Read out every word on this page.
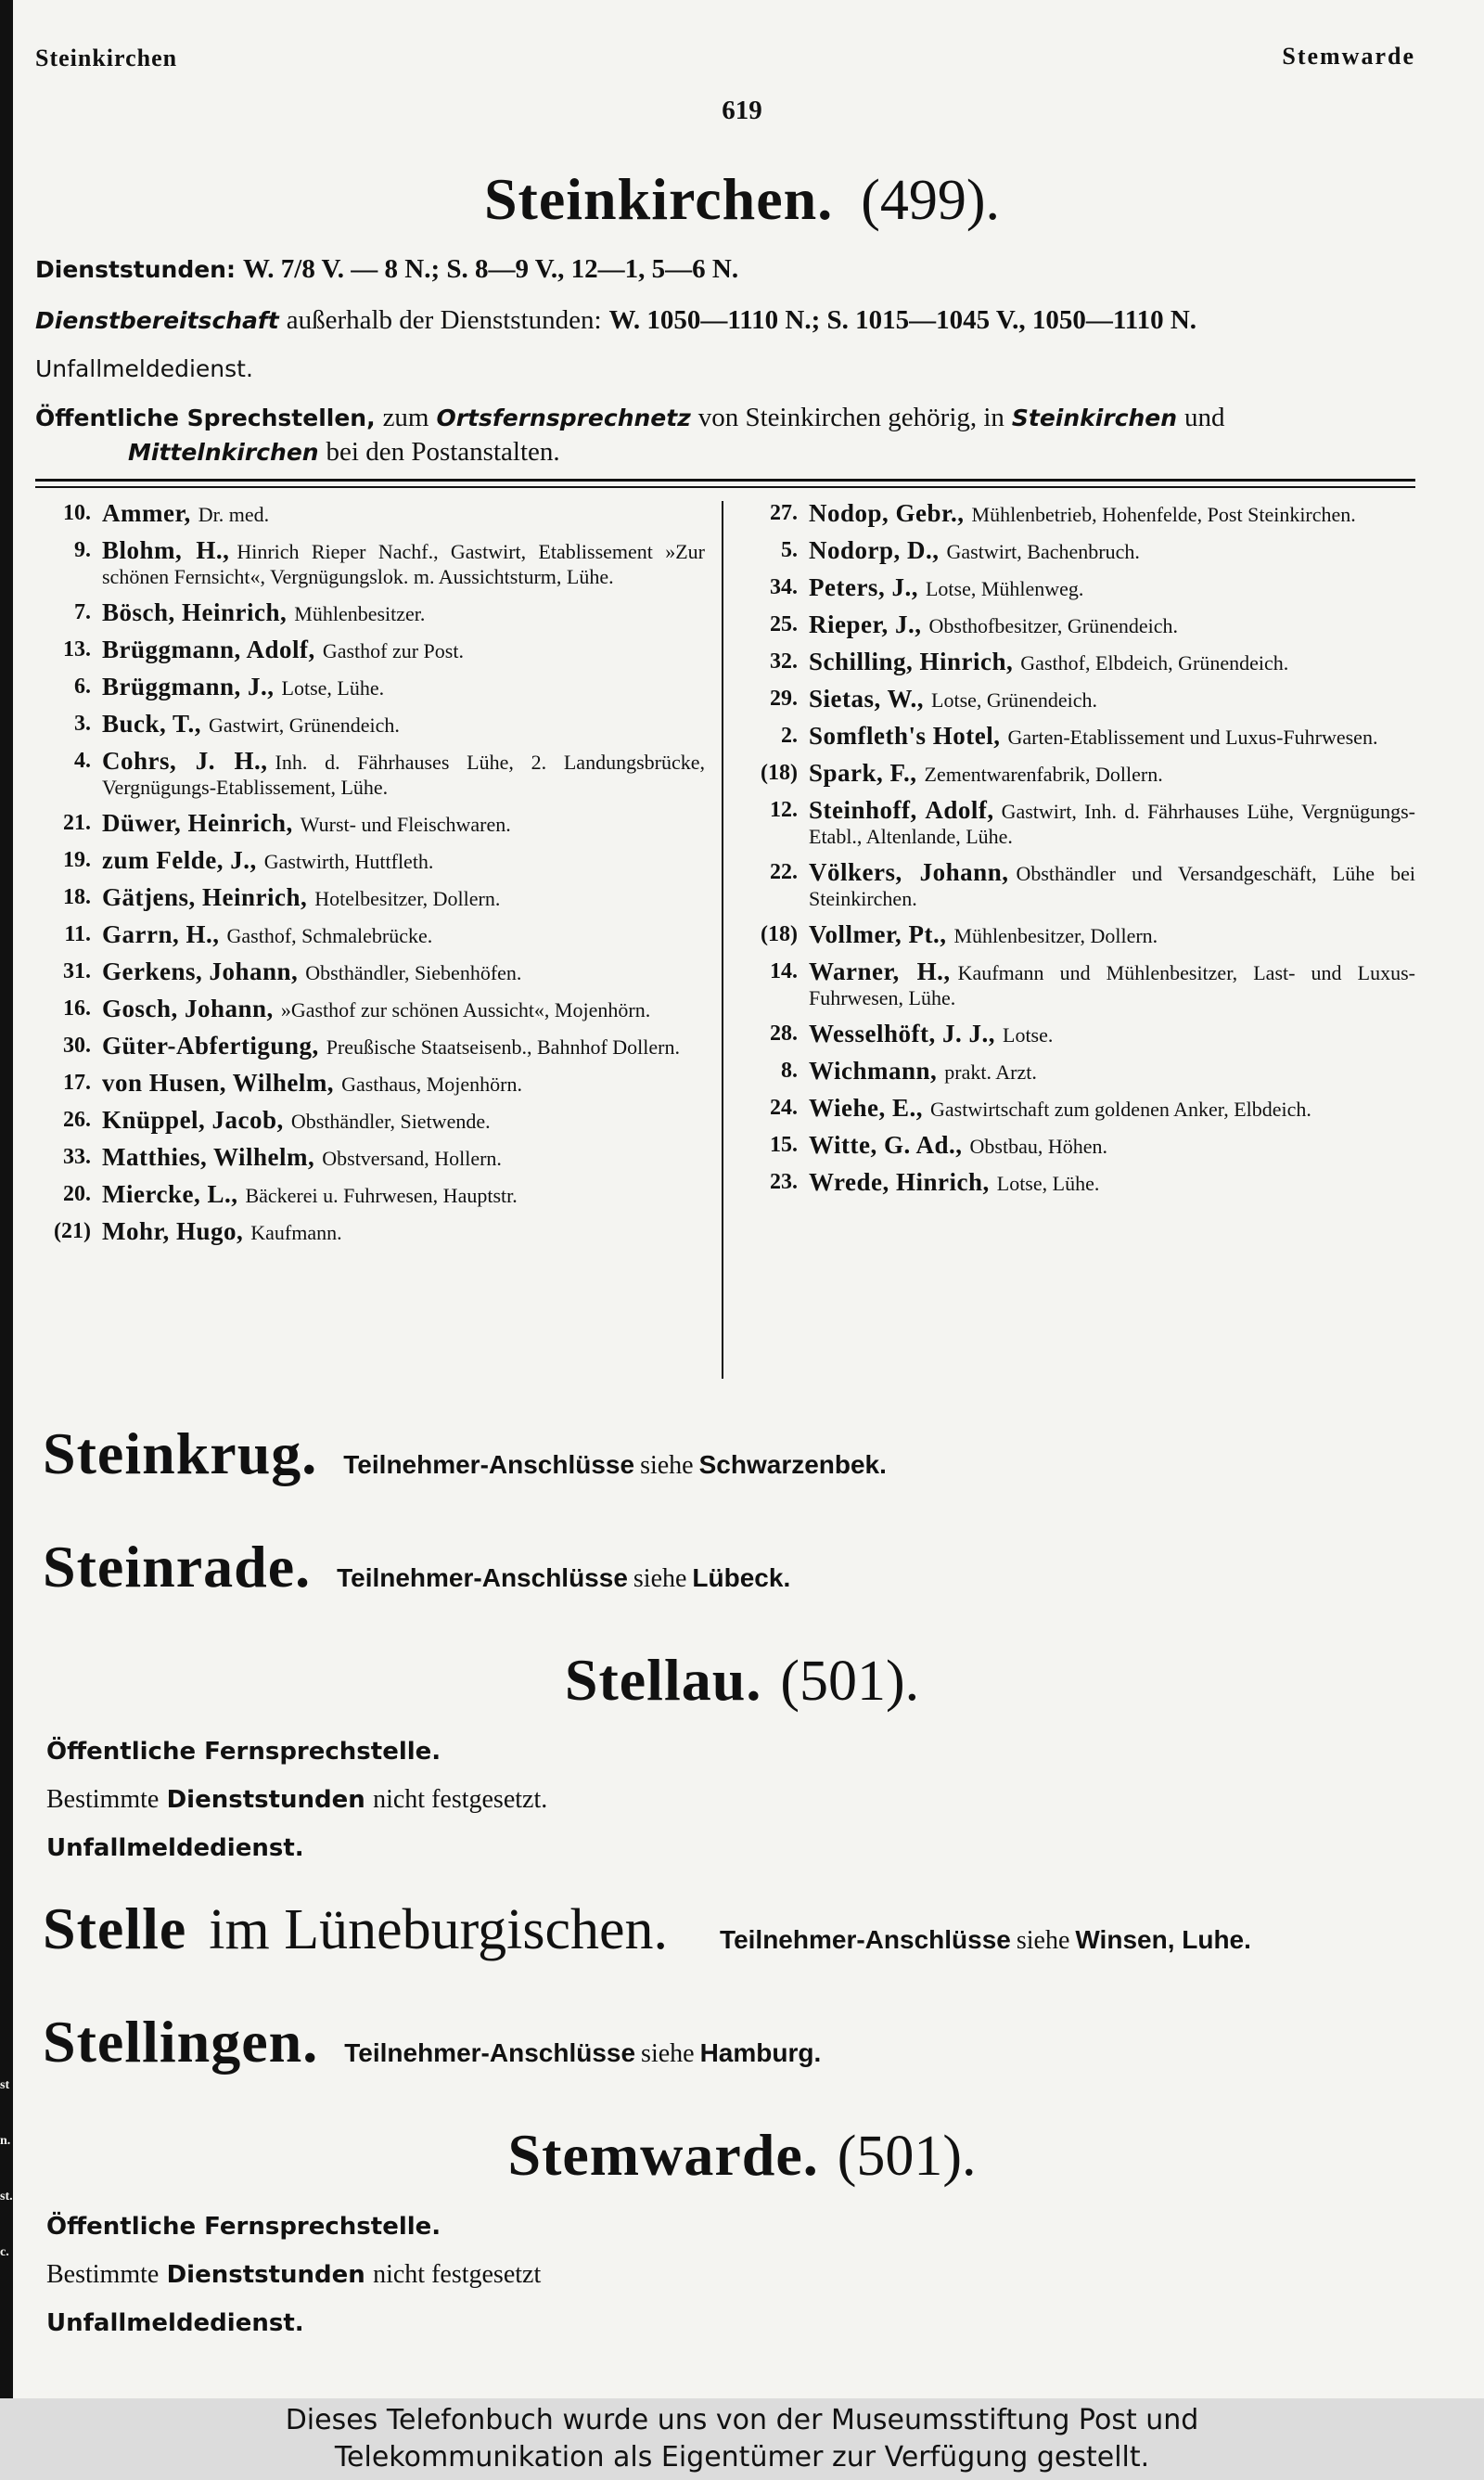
st
n.
st.
c.
Steinkirchen	Stemwarde
619
Steinkirchen. (499).
Dienststunden: W. 7/8 V. — 8 N.; S. 8—9 V., 12—1, 5—6 N.
Dienstbereitschaft außerhalb der Dienststunden: W. 1050—1110 N.; S. 1015—1045 V., 1050—1110 N.
Unfallmeldedienst.
Öffentliche Sprechstellen, zum Ortsfernsprechnetz von Steinkirchen gehörig, in Steinkirchen und
Mittelnkirchen bei den Postanstalten.
10. Ammer, Dr. med.
9. Blohm, H., Hinrich Rieper Nachf., Gastwirt, Etablissement »Zur schönen Fernsicht«, Vergnügungslok. m. Aussichtsturm, Lühe.
7. Bösch, Heinrich, Mühlenbesitzer.
13. Brüggmann, Adolf, Gasthof zur Post.
6. Brüggmann, J., Lotse, Lühe.
3. Buck, T., Gastwirt, Grünendeich.
4. Cohrs, J. H., Inh. d. Fährhauses Lühe, 2. Landungsbrücke, Vergnügungs-Etablissement, Lühe.
21. Düwer, Heinrich, Wurst- und Fleischwaren.
19. zum Felde, J., Gastwirth, Huttfleth.
18. Gätjens, Heinrich, Hotelbesitzer, Dollern.
11. Garrn, H., Gasthof, Schmalebrücke.
31. Gerkens, Johann, Obsthändler, Siebenhöfen.
16. Gosch, Johann, »Gasthof zur schönen Aussicht«, Mojenhörn.
30. Güter-Abfertigung, Preußische Staatseisenb., Bahnhof Dollern.
17. von Husen, Wilhelm, Gasthaus, Mojenhörn.
26. Knüppel, Jacob, Obsthändler, Sietwende.
33. Matthies, Wilhelm, Obstversand, Hollern.
20. Miercke, L., Bäckerei u. Fuhrwesen, Hauptstr.
(21) Mohr, Hugo, Kaufmann.
27. Nodop, Gebr., Mühlenbetrieb, Hohenfelde, Post Steinkirchen.
5. Nodorp, D., Gastwirt, Bachenbruch.
34. Peters, J., Lotse, Mühlenweg.
25. Rieper, J., Obsthofbesitzer, Grünendeich.
32. Schilling, Hinrich, Gasthof, Elbdeich, Grünendeich.
29. Sietas, W., Lotse, Grünendeich.
2. Somfleth's Hotel, Garten-Etablissement und Luxus-Fuhrwesen.
(18) Spark, F., Zementwarenfabrik, Dollern.
12. Steinhoff, Adolf, Gastwirt, Inh. d. Fährhauses Lühe, Vergnügungs-Etabl., Altenlande, Lühe.
22. Völkers, Johann, Obsthändler und Versandgeschäft, Lühe bei Steinkirchen.
(18) Vollmer, Pt., Mühlenbesitzer, Dollern.
14. Warner, H., Kaufmann und Mühlenbesitzer, Last- und Luxus-Fuhrwesen, Lühe.
28. Wesselhöft, J. J., Lotse.
8. Wichmann, prakt. Arzt.
24. Wiehe, E., Gastwirtschaft zum goldenen Anker, Elbdeich.
15. Witte, G. Ad., Obstbau, Höhen.
23. Wrede, Hinrich, Lotse, Lühe.
Steinkrug. Teilnehmer-Anschlüsse siehe Schwarzenbek.
Steinrade. Teilnehmer-Anschlüsse siehe Lübeck.
Stellau. (501).
Öffentliche Fernsprechstelle.
Bestimmte Dienststunden nicht festgesetzt.
Unfallmeldedienst.
Stelle im Lüneburgischen. Teilnehmer-Anschlüsse siehe Winsen, Luhe.
Stellingen. Teilnehmer-Anschlüsse siehe Hamburg.
Stemwarde. (501).
Öffentliche Fernsprechstelle.
Bestimmte Dienststunden nicht festgesetzt
Unfallmeldedienst.
Dieses Telefonbuch wurde uns von der Museumsstiftung Post und
Telekommunikation als Eigentümer zur Verfügung gestellt.
